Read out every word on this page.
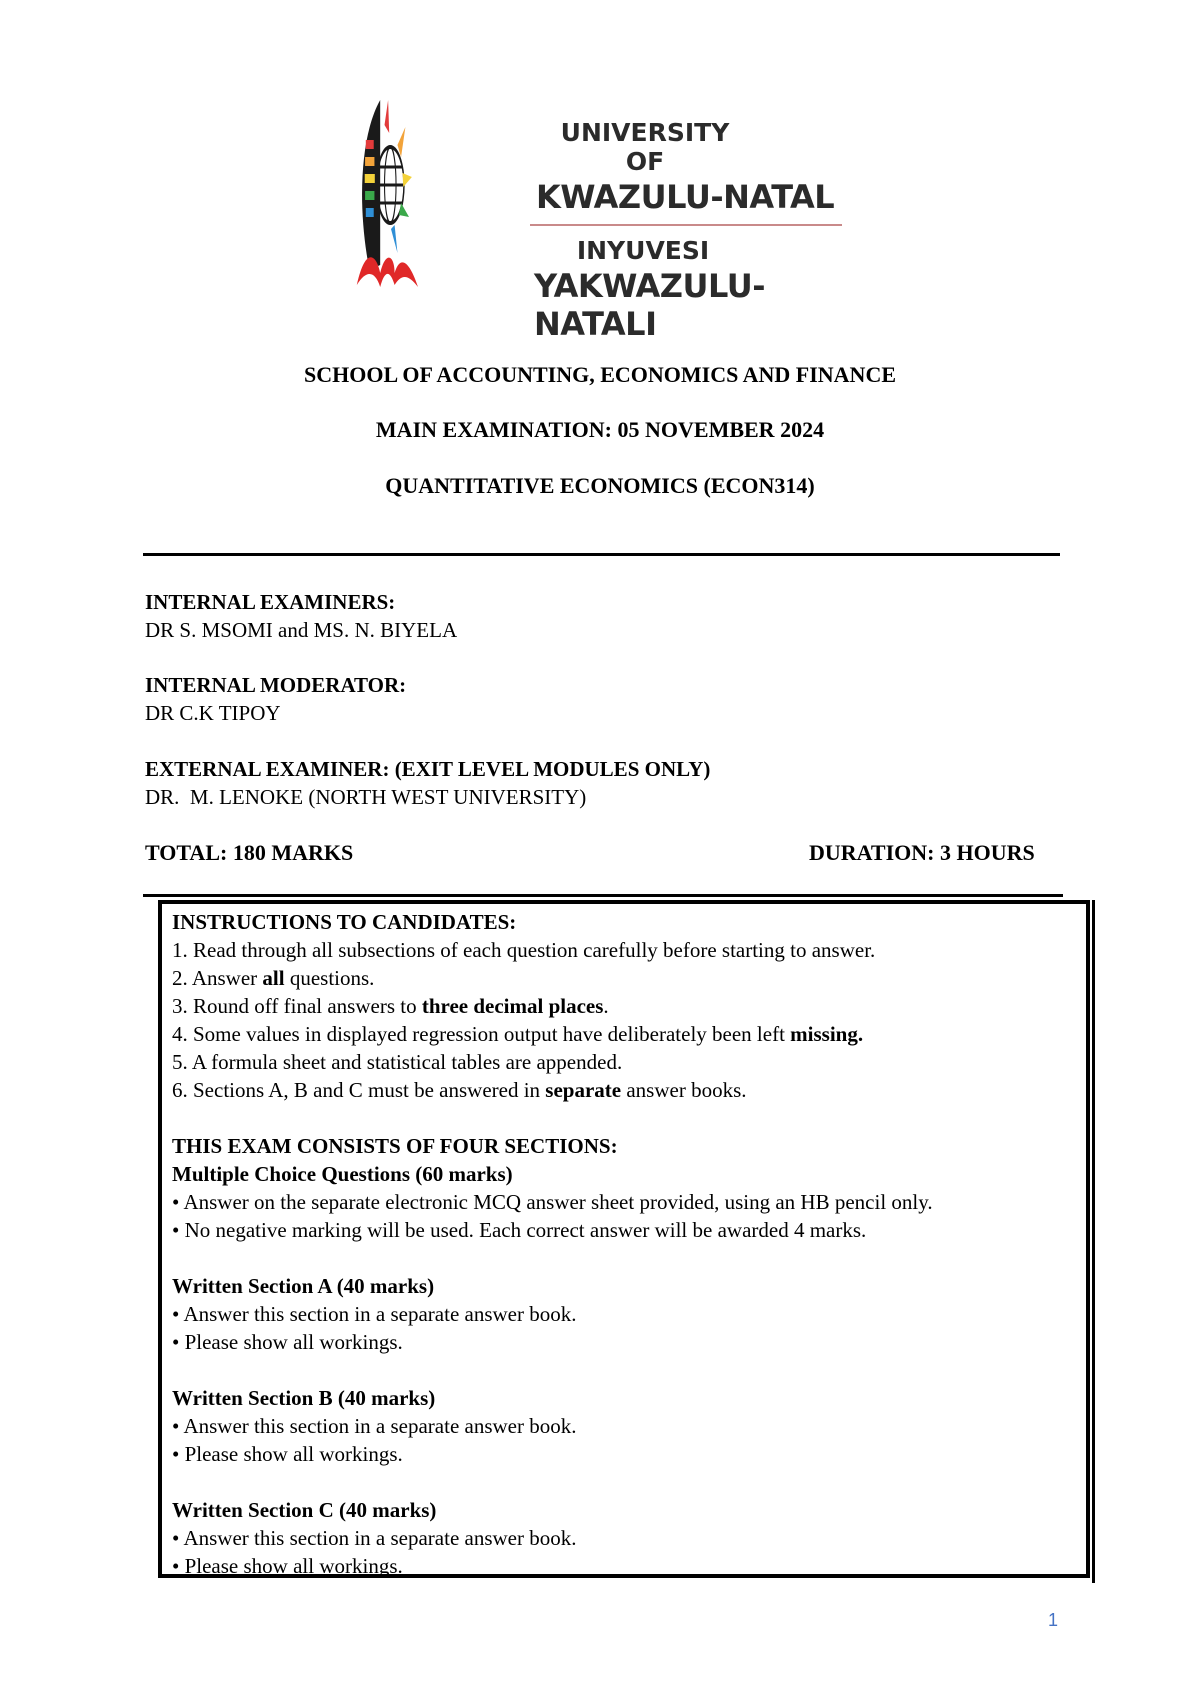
UNIVERSITY OF
KWAZULU-NATAL
INYUVESI
YAKWAZULU-NATALI
SCHOOL OF ACCOUNTING, ECONOMICS AND FINANCE
MAIN EXAMINATION: 05 NOVEMBER 2024
QUANTITATIVE ECONOMICS (ECON314)
INTERNAL EXAMINERS:
DR S. MSOMI and MS. N. BIYELA
INTERNAL MODERATOR:
DR C.K TIPOY
EXTERNAL EXAMINER: (EXIT LEVEL MODULES ONLY)
DR.  M. LENOKE (NORTH WEST UNIVERSITY)
TOTAL: 180 MARKS	DURATION: 3 HOURS
INSTRUCTIONS TO CANDIDATES:
1. Read through all subsections of each question carefully before starting to answer.
2. Answer all questions.
3. Round off final answers to three decimal places.
4. Some values in displayed regression output have deliberately been left missing.
5. A formula sheet and statistical tables are appended.
6. Sections A, B and C must be answered in separate answer books.
THIS EXAM CONSISTS OF FOUR SECTIONS:
Multiple Choice Questions (60 marks)
• Answer on the separate electronic MCQ answer sheet provided, using an HB pencil only.
• No negative marking will be used. Each correct answer will be awarded 4 marks.
Written Section A (40 marks)
• Answer this section in a separate answer book.
• Please show all workings.
Written Section B (40 marks)
• Answer this section in a separate answer book.
• Please show all workings.
Written Section C (40 marks)
• Answer this section in a separate answer book.
• Please show all workings.
1
